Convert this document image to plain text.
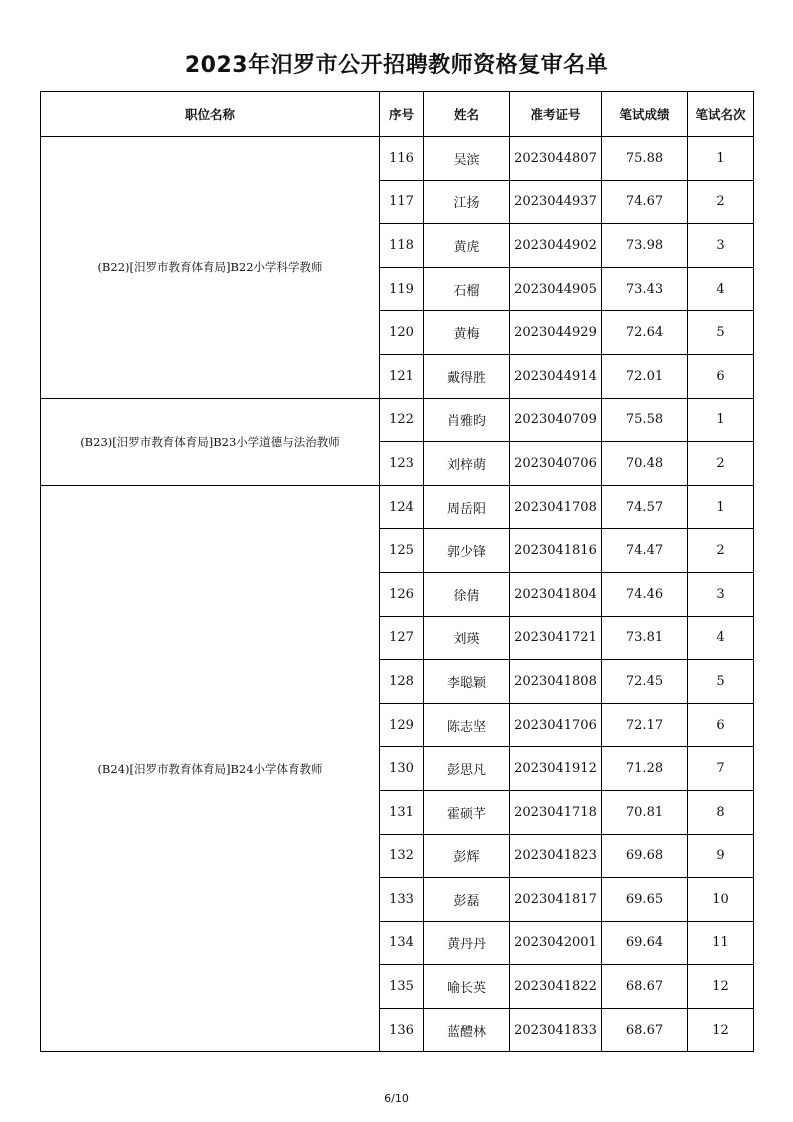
2023年汨罗市公开招聘教师资格复审名单
职位名称	序号	姓名	准考证号	笔试成绩	笔试名次
(B22)[汨罗市教育体育局]B22小学科学教师	116	吴滨	2023044807	75.88	1
	117	江扬	2023044937	74.67	2
	118	黄虎	2023044902	73.98	3
	119	石榴	2023044905	73.43	4
	120	黄梅	2023044929	72.64	5
	121	戴得胜	2023044914	72.01	6
(B23)[汨罗市教育体育局]B23小学道德与法治教师	122	肖雅昀	2023040709	75.58	1
	123	刘梓萌	2023040706	70.48	2
(B24)[汨罗市教育体育局]B24小学体育教师	124	周岳阳	2023041708	74.57	1
	125	郭少锋	2023041816	74.47	2
	126	徐倩	2023041804	74.46	3
	127	刘瑛	2023041721	73.81	4
	128	李聪颖	2023041808	72.45	5
	129	陈志坚	2023041706	72.17	6
	130	彭思凡	2023041912	71.28	7
	131	霍硕芊	2023041718	70.81	8
	132	彭辉	2023041823	69.68	9
	133	彭磊	2023041817	69.65	10
	134	黄丹丹	2023042001	69.64	11
	135	喻长英	2023041822	68.67	12
	136	蓝醴林	2023041833	68.67	12
6/10
